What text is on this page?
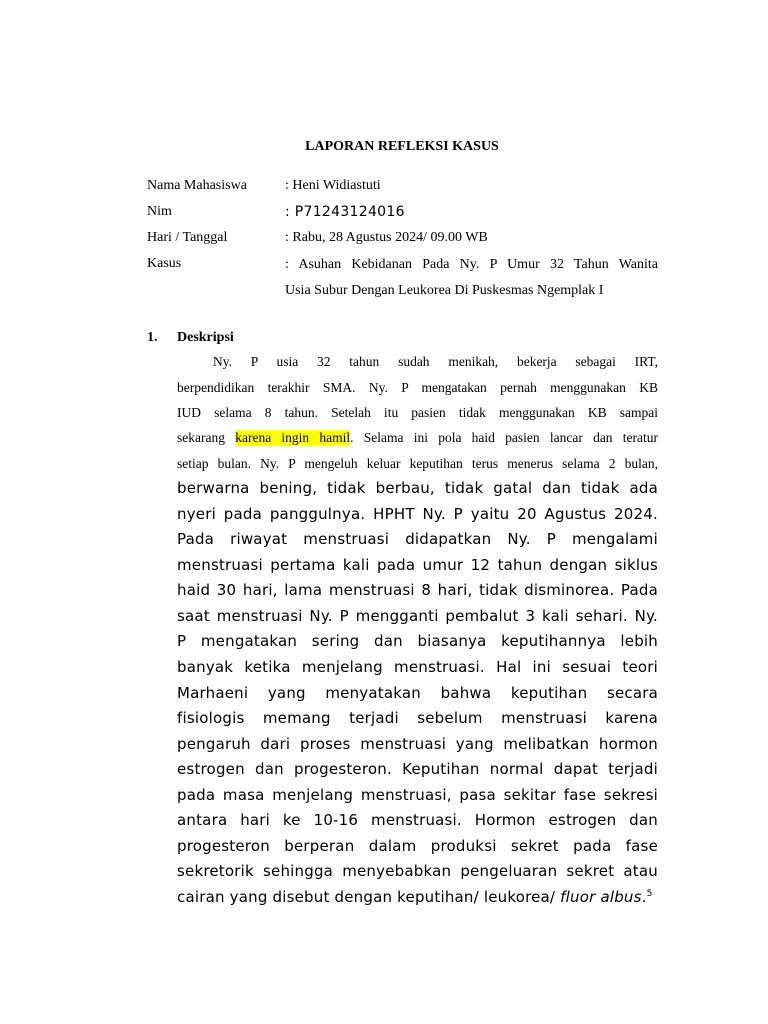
LAPORAN REFLEKSI KASUS
Nama Mahasiswa	: Heni Widiastuti
Nim	: P71243124016
Hari / Tanggal	: Rabu, 28 Agustus 2024/ 09.00 WB
Kasus	: Asuhan Kebidanan Pada Ny. P Umur 32 Tahun Wanita
Usia Subur Dengan Leukorea Di Puskesmas Ngemplak I
1. Deskripsi
Ny. P usia 32 tahun sudah menikah, bekerja sebagai IRT,
berpendidikan terakhir SMA. Ny. P mengatakan pernah menggunakan KB
IUD selama 8 tahun. Setelah itu pasien tidak menggunakan KB sampai
sekarang karena ingin hamil. Selama ini pola haid pasien lancar dan teratur
setiap bulan. Ny. P mengeluh keluar keputihan terus menerus selama 2 bulan,
berwarna bening, tidak berbau, tidak gatal dan tidak ada
nyeri pada panggulnya. HPHT Ny. P yaitu 20 Agustus 2024.
Pada riwayat menstruasi didapatkan Ny. P mengalami
menstruasi pertama kali pada umur 12 tahun dengan siklus
haid 30 hari, lama menstruasi 8 hari, tidak disminorea. Pada
saat menstruasi Ny. P mengganti pembalut 3 kali sehari. Ny.
P mengatakan sering dan biasanya keputihannya lebih
banyak ketika menjelang menstruasi. Hal ini sesuai teori
Marhaeni yang menyatakan bahwa keputihan secara
fisiologis memang terjadi sebelum menstruasi karena
pengaruh dari proses menstruasi yang melibatkan hormon
estrogen dan progesteron. Keputihan normal dapat terjadi
pada masa menjelang menstruasi, pasa sekitar fase sekresi
antara hari ke 10-16 menstruasi. Hormon estrogen dan
progesteron berperan dalam produksi sekret pada fase
sekretorik sehingga menyebabkan pengeluaran sekret atau
cairan yang disebut dengan keputihan/ leukorea/ fluor albus.$^5$
